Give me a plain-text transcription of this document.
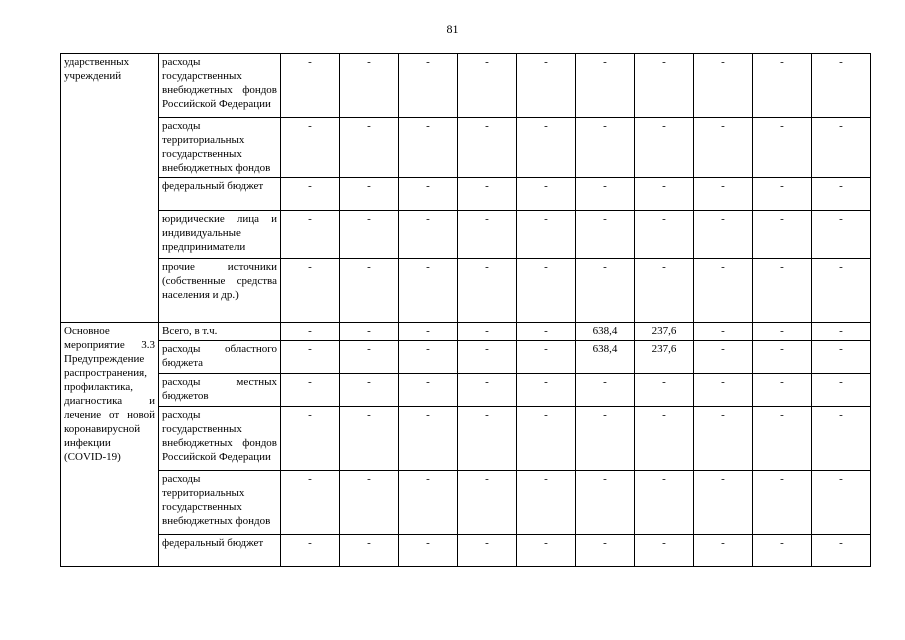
81
ударственных учреждений	расходы государственных внебюджетных фондов Российской Федерации	-	-	-	-	-	-	-	-	-	-
	расходы территориальных государственных внебюджетных фондов	-	-	-	-	-	-	-	-	-	-
	федеральный бюджет	-	-	-	-	-	-	-	-	-	-
	юридические лица и индивидуальные предприниматели	-	-	-	-	-	-	-	-	-	-
	прочие источники (собственные средства населения и др.)	-	-	-	-	-	-	-	-	-	-
Основное мероприятие 3.3 Предупреждение распространения, профилактика, диагностика и лечение от новой коронавирусной инфекции (COVID-19)	Всего, в т.ч.	-	-	-	-	-	638,4	237,6	-	-	-
	расходы областного бюджета	-	-	-	-	-	638,4	237,6	-	-	-
	расходы местных бюджетов	-	-	-	-	-	-	-	-	-	-
	расходы государственных внебюджетных фондов Российской Федерации	-	-	-	-	-	-	-	-	-	-
	расходы территориальных государственных внебюджетных фондов	-	-	-	-	-	-	-	-	-	-
	федеральный бюджет	-	-	-	-	-	-	-	-	-	-
